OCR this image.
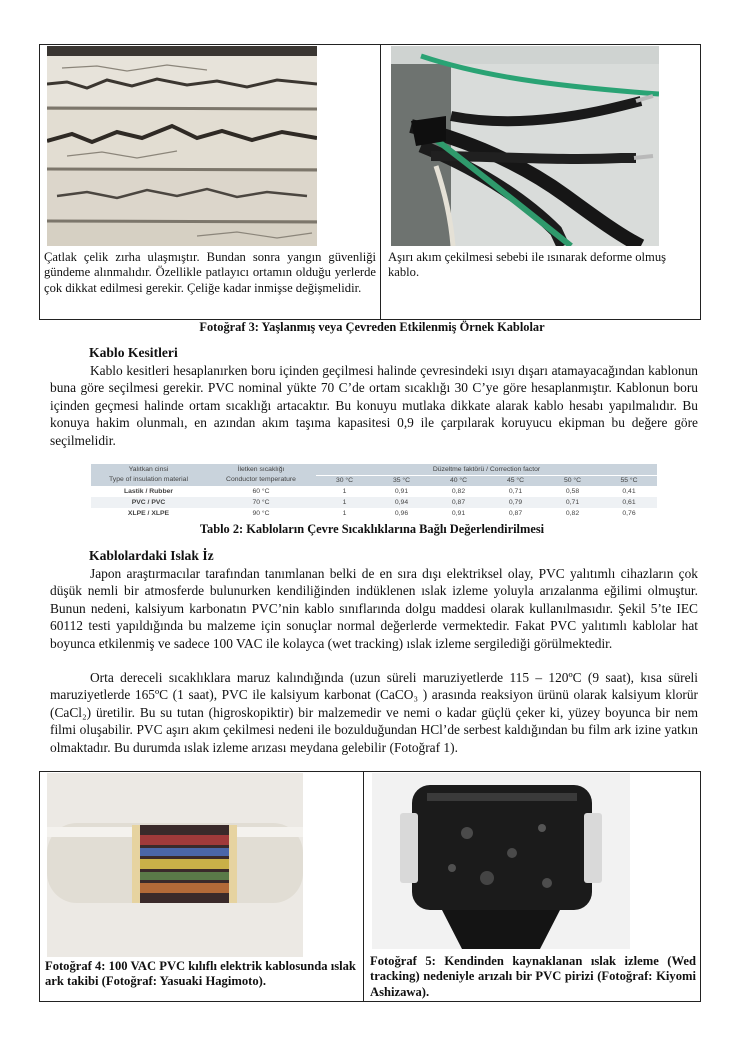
Çatlak çelik zırha ulaşmıştır. Bundan sonra yangın güvenliği gündeme alınmalıdır. Özellikle patlayıcı ortamın olduğu yerlerde çok dikkat edilmesi gerekir. Çeliğe kadar inmişse değişmelidir.
Aşırı akım çekilmesi sebebi ile ısınarak deforme olmuş kablo.
Fotoğraf 3: Yaşlanmış veya Çevreden Etkilenmiş Örnek Kablolar
Kablo Kesitleri
Kablo kesitleri hesaplanırken boru içinden geçilmesi halinde çevresindeki ısıyı dışarı atamayacağından kablonun buna göre seçilmesi gerekir. PVC nominal yükte 70 C’de ortam sıcaklığı 30 C’ye göre hesaplanmıştır. Kablonun boru içinden geçmesi halinde ortam sıcaklığı artacaktır. Bu konuyu mutlaka dikkate alarak kablo hesabı yapılmalıdır. Bu konuya hakim olunmalı, en azından akım taşıma kapasitesi 0,9 ile çarpılarak koruyucu ekipman bu değere göre seçilmelidir.
Yalıtkan cinsi
Type of insulation material
İletken sıcaklığı
Conductor temperature
Düzeltme faktörü / Correction factor
30 °C	35 °C	40 °C	45 °C	50 °C	55 °C
Lastik / Rubber	60 °C	1	0,91	0,82	0,71	0,58	0,41
PVC / PVC	70 °C	1	0,94	0,87	0,79	0,71	0,61
XLPE / XLPE	90 °C	1	0,96	0,91	0,87	0,82	0,76
Tablo 2: Kabloların Çevre Sıcaklıklarına Bağlı Değerlendirilmesi
Kablolardaki Islak İz
Japon araştırmacılar tarafından tanımlanan belki de en sıra dışı elektriksel olay, PVC yalıtımlı cihazların çok düşük nemli bir atmosferde bulunurken kendiliğinden indüklenen ıslak izleme yoluyla arızalanma eğilimi olmuştur. Bunun nedeni, kalsiyum karbonatın PVC’nin kablo sınıflarında dolgu maddesi olarak kullanılmasıdır. Şekil 5’te IEC 60112 testi yapıldığında bu malzeme için sonuçlar normal değerlerde vermektedir. Fakat PVC yalıtımlı kablolar hat boyunca etkilenmiş ve sadece 100 VAC ile kolayca (wet tracking) ıslak izleme sergilediği görülmektedir.
Orta dereceli sıcaklıklara maruz kalındığında (uzun süreli maruziyetlerde 115 – 120ºC (9 saat), kısa süreli maruziyetlerde 165ºC (1 saat), PVC ile kalsiyum karbonat (CaCO₃ ) arasında reaksiyon ürünü olarak kalsiyum klorür (CaCl₂) üretilir. Bu su tutan (higroskopiktir) bir malzemedir ve nemi o kadar güçlü çeker ki, yüzey boyunca bir nem filmi oluşabilir. PVC aşırı akım çekilmesi nedeni ile bozulduğundan HCl’de serbest kaldığından bu film ark izine yatkın olmaktadır. Bu durumda ıslak izleme arızası meydana gelebilir (Fotoğraf 1).
Fotoğraf 4: 100 VAC PVC kılıflı elektrik kablosunda ıslak ark takibi (Fotoğraf: Yasuaki Hagimoto).
Fotoğraf 5: Kendinden kaynaklanan ıslak izleme (Wed tracking) nedeniyle arızalı bir PVC pirizi (Fotoğraf: Kiyomi Ashizawa).
